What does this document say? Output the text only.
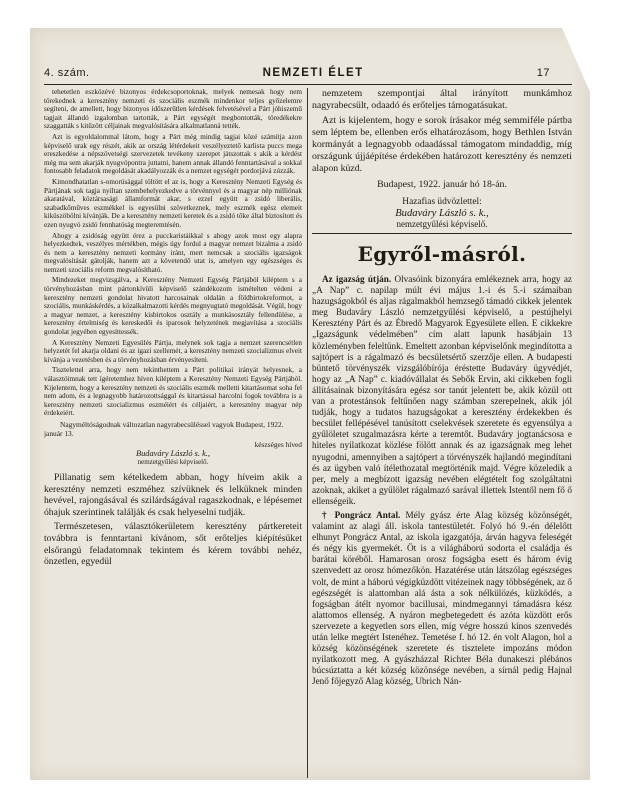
4. szám.	NEMZETI ÉLET	17

tehetetlen eszközévé bizonyos érdekcsoportoknak, melyek nemesak hogy nem törekednek a keresztény nemzeti és szociális eszmék mindenkor teljes győzelemre segíteni, de amellett, hogy bizonyos időszerűtlen kérdések felvetésével a Párt jóhiszemű tagjait állandó izgalomban tartották, a Párt egységét megbontották, töredékekre szaggatták s kitűzött céljainak megvalósítására alkalmatlanná tették.

Azt is egyoldalommal látom, hogy a Párt még mindig tagjai közé számítja azon képviselő urak egy részét, akik az ország létérdekeit veszélyeztető karlista puccs mega ereszkedése a népszövetségi szervezetek tevékeny szerepet játszottak s akik a kérdést még ma sem akarják nyugvópontra juttatni, hanem annak állandó fenntartásával a sokkal fontosabb feladatok megoldását akadályozzák és a nemzet egységét pordorjává zúzzák.

Kimondhatatlan s-omorúsággal töltött el az is, hogy a Keresztény Nemzeti Egység és Pártjának sok tagja nyíltan szembehelyezkedve a törvénnyel és a magyar nép milliónak akaratával, köztársasági államformát akar, s ezzel együtt a zsidó liberális, szabadkőműves eszmékkel is egyesülni szövetkeznek, mely eszmék egész elemeit kiküszöbölni kívánják. De a keresztény nemzeti keretek és a zsidó tőke által biztosított és ezen nyugvó zsidó fennhatóság megteremtésén.

Ahogy a zsidóság együtt érez a pucckaristáikkal s ahogy azok most egy alapra helyezkedtek, veszélyes mértékben, mégis úgy fordul a magyar nemzet bizalma a zsidó és nem a keresztény nemzeti kormány iránt, mert nemcsak a szociális igazságok megvalósítását gátolják, hanem azt a követendő utat is, amelyen egy egészséges és nemzeti szociális reform megvalósítható.

Mindezeket megvizsgálva, a Keresztény Nemzeti Egység Pártjából kiléptem s a törvényhozásban mint pártonkívüli képviselő szándékozom ismételten védeni a keresztény nemzeti gondolat hivatott harcosainak oldalán a földbirtokreformot, a szociális, munkáskérdés, a közalkalmazotti kérdés megnyugtató megoldását. Végül, hogy a magyar nemzet, a keresztény kisbirtokos osztály a munkásosztály fellendülése, a keresztény értelmiség és kereskedői és iparosok helyzetének megjavítása a szociális gondolat jegyében egyesíttessék.

A Keresztény Nemzeti Egyesülés Pártja, melynek sok tagja a nemzet szerencsétlen helyzetét fel akarja oldani és az igazi szellemét, a keresztény nemzeti szocializmus elveit kívánja a vezetésben és a törvényhozásban érvényesíteni.

Tisztelettel arra, hogy nem tekinthettem a Párt politikai irányát helyesnek, a választóimnak tett ígéretemhez híven kiléptem a Keresztény Nemzeti Egység Pártjából. Kijelentem, hogy a keresztény nemzeti és szociális eszmék melletti kitartásomat soha fel nem adom, és a legnagyobb határozottsággal és kitartással harcolni fogok továbbra is a keresztény nemzeti szocializmus eszméiért és céljaiért, a keresztény magyar nép érdekeiért.

Nagyméltóságodnak változatlan nagyrabecsüléssel vagyok Budapest, 1922. január 13.

készséges híved

Budaváry László s. k.,

nemzetgyűlési képviselő.

Pillanatig sem kételkedem abban, hogy híveim akik a keresztény nemzeti eszméhez szívüknek és lelküknek minden hevével, rajongásával és szilárdságával ragaszkodnak, e lépésemet óhajuk szerintinek találják és csak helyeselni tudják.

Természetesen, választókerületem keresztény pártkereteit továbbra is fenntartani kívánom, sőt erőteljes kiépítésüket elsőrangú feladatomnak tekintem és kérem további nehéz, önzetlen, egyedül

nemzetem szempontjai által irányított munkámhoz nagyrabecsült, odaadó és erőteljes támogatásukat.

Azt is kijelentem, hogy e sorok írásakor még semmiféle pártba sem léptem be, ellenben erős elhatározásom, hogy Bethlen István kormányát a legnagyobb odaadással támogatom mindaddig, míg országunk újjáépítése érdekében határozott keresztény és nemzeti alapon küzd.

Budapest, 1922. január hó 18-án.

Hazafias üdvözlettel:

Budaváry László s. k.,

nemzetgyűlési képviselő.

Egyről-másról.

Az igazság útján. Olvasóink bizonyára emlékeznek arra, hogy az „A Nap” c. napilap múlt évi május 1.-i és 5.-i számaiban hazugságokból és aljas rágalmakból hemzsegő támadó cikkek jelentek meg Budaváry László nemzetgyűlési képviselő, a pestújhelyi Keresztény Párt és az Ébredő Magyarok Egyesülete ellen. E cikkekre „Igazságunk védelmében” cím alatt lapunk hasábjain 13 közleményben feleltünk. Emeltett azonban képviselőnk megindította a sajtópert is a rágalmazó és becsületsértő szerzője ellen. A budapesti büntető törvényszék vizsgálóbírója éréstette Budaváry ügyvédjét, hogy az „A Nap” c. kiadóvállalat és Sebők Ervin, aki cikkeben fogli állításainak bizonyítására egész sor tanút jelentett be, akik közül ott van a protestánsok feltűnően nagy számban szerepelnek, akik jól tudják, hogy a tudatos hazugságokat a keresztény érdekekben és becsület fellépésével tanúsított cselekvések szeretete és egyensúlya a gyűlöletet szugalmazásra kérte a teremtőt. Budaváry jogtanácsosa e hiteles nyilatkozat közlése fölött annak és az igazságnak meg lehet nyugodni, amennyiben a sajtópert a törvényszék hajlandó megindítani és az ügyben való ítélethozatal megtörténik majd. Végre közeledik a per, mely a megbízott igazság nevében elégtételt fog szolgáltatni azoknak, akiket a gyűlölet rágalmazó sarával illettek Istentől nem fő ő ellenségeik.

† Pongrácz Antal. Mély gyász érte Alag község közönségét, valamint az alagi áll. iskola tantestületét. Folyó hó 9.-én délelőtt elhunyt Pongrácz Antal, az iskola igazgatója, árván hagyva feleségét és négy kis gyermekét. Öt is a világháború sodorta el családja és barátai köréből. Hamarosan orosz fogságba esett és három évig szenvedett az orosz hómezőkön. Hazatérése után látszólag egészséges volt, de mint a háború végigküzdött vitézeinek nagy többségének, az ő egészségét is alattomban alá ásta a sok nélkülözés, küzködés, a fogságban átélt nyomor bacillusai, mindmegannyi támadásra kész alattomos ellenség. A nyáron megbetegedett és azóta küzdött erős szervezete a kegyetlen sors ellen, míg végre hosszú kínos szenvedés után lelke megtért Istenéhez. Temetése f. hó 12. én volt Alagon, hol a község közönségének szeretete és tisztelete impozáns módon nyilatkozott meg. A gyászházzal Richter Béla dunakeszi plébános búcsúztatta a két község közönsége nevében, a sírnál pedig Hajnal Jenő főjegyző Alag község, Ubrich Nán-
